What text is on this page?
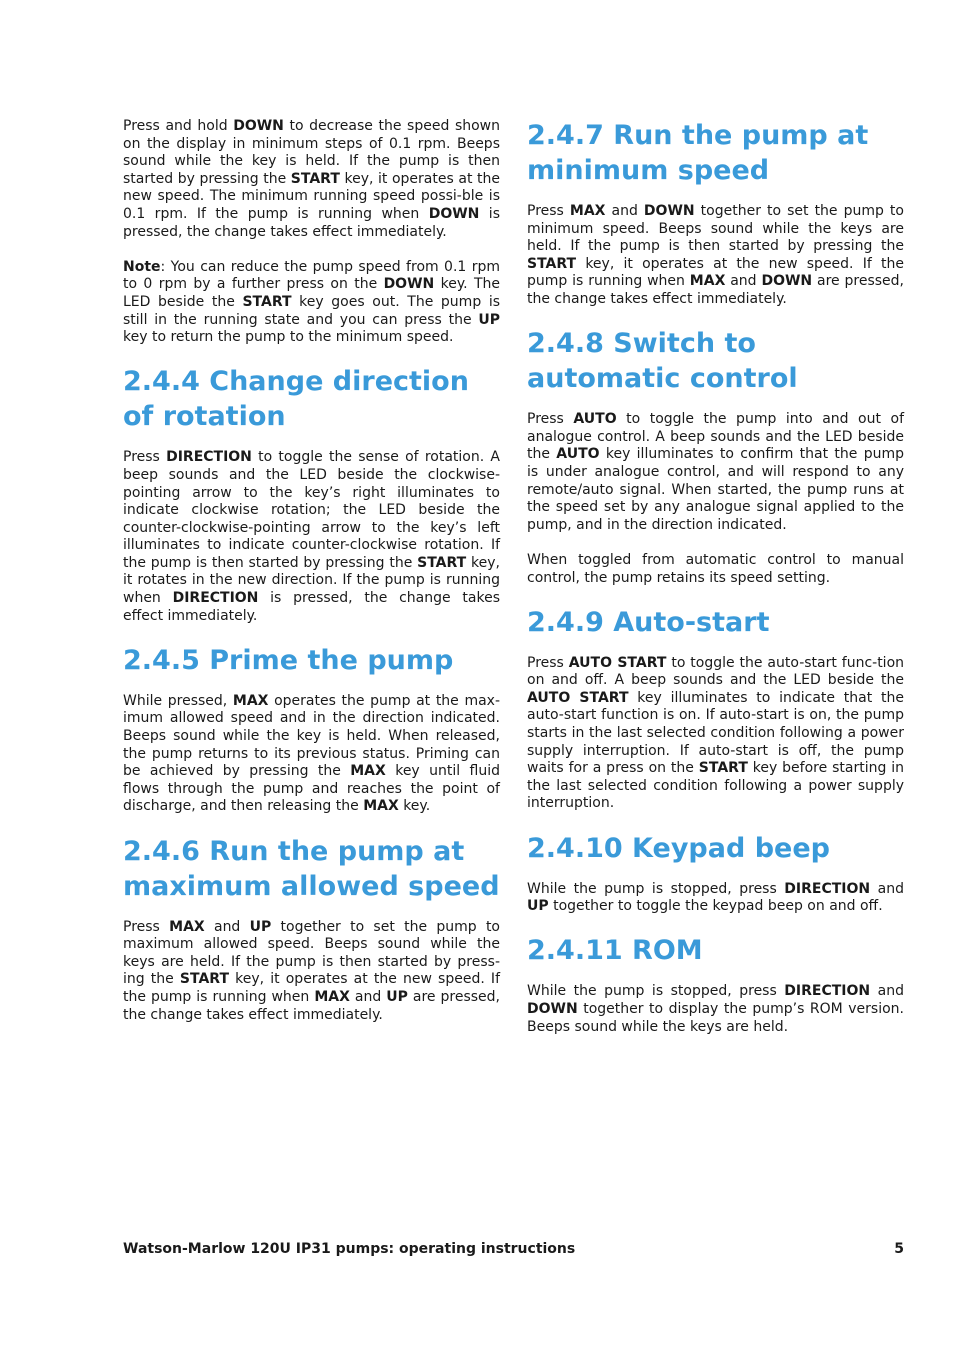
Press and hold DOWN to decrease the speed shown on the display in minimum steps of 0.1 rpm. Beeps sound while the key is held. If the pump is then started by pressing the START key, it operates at the new speed. The minimum running speed possi-ble is 0.1 rpm. If the pump is running when DOWN is pressed, the change takes effect immediately.

Note: You can reduce the pump speed from 0.1 rpm to 0 rpm by a further press on the DOWN key. The LED beside the START key goes out. The pump is still in the running state and you can press the UP key to return the pump to the minimum speed.

2.4.4 Change direction of rotation

Press DIRECTION to toggle the sense of rotation. A beep sounds and the LED beside the clockwise-pointing arrow to the key’s right illuminates to indicate clockwise rotation; the LED beside the counter-clockwise-pointing arrow to the key’s left illuminates to indicate counter-clockwise rotation. If the pump is then started by pressing the START key, it rotates in the new direction. If the pump is running when DIRECTION is pressed, the change takes effect immediately.

2.4.5 Prime the pump

While pressed, MAX operates the pump at the max-imum allowed speed and in the direction indicated. Beeps sound while the key is held. When released, the pump returns to its previous status. Priming can be achieved by pressing the MAX key until fluid flows through the pump and reaches the point of discharge, and then releasing the MAX key.

2.4.6 Run the pump at maximum allowed speed

Press MAX and UP together to set the pump to maximum allowed speed. Beeps sound while the keys are held. If the pump is then started by press-ing the START key, it operates at the new speed. If the pump is running when MAX and UP are pressed, the change takes effect immediately.

2.4.7 Run the pump at minimum speed

Press MAX and DOWN together to set the pump to minimum speed. Beeps sound while the keys are held. If the pump is then started by pressing the START key, it operates at the new speed. If the pump is running when MAX and DOWN are pressed, the change takes effect immediately.

2.4.8 Switch to automatic control

Press AUTO to toggle the pump into and out of analogue control. A beep sounds and the LED beside the AUTO key illuminates to confirm that the pump is under analogue control, and will respond to any remote/auto signal. When started, the pump runs at the speed set by any analogue signal applied to the pump, and in the direction indicated.

When toggled from automatic control to manual control, the pump retains its speed setting.

2.4.9 Auto-start

Press AUTO START to toggle the auto-start func-tion on and off. A beep sounds and the LED beside the AUTO START key illuminates to indicate that the auto-start function is on. If auto-start is on, the pump starts in the last selected condition following a power supply interruption. If auto-start is off, the pump waits for a press on the START key before starting in the last selected condition following a power supply interruption.

2.4.10 Keypad beep

While the pump is stopped, press DIRECTION and UP together to toggle the keypad beep on and off.

2.4.11 ROM

While the pump is stopped, press DIRECTION and DOWN together to display the pump’s ROM version. Beeps sound while the keys are held.

Watson-Marlow 120U IP31 pumps: operating instructions	5
